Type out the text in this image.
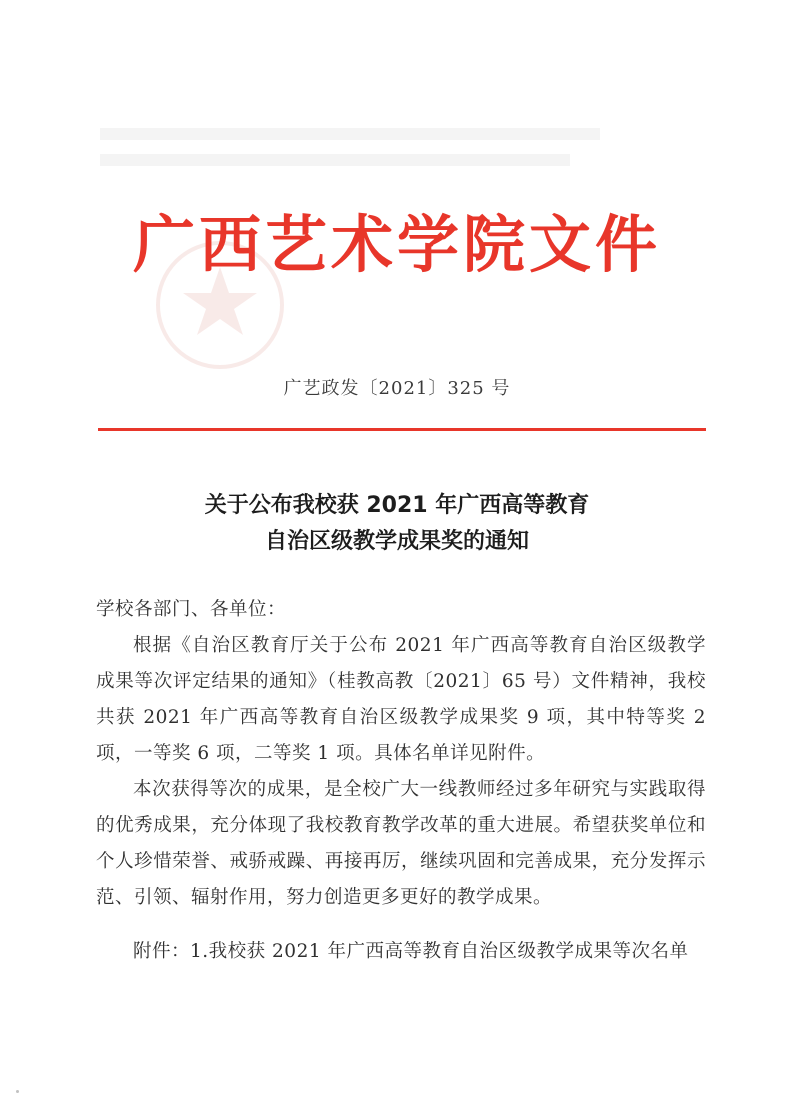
广西艺术学院文件
广艺政发〔2021〕325 号
关于公布我校获 2021 年广西高等教育
自治区级教学成果奖的通知

学校各部门、各单位：

根据《自治区教育厅关于公布 2021 年广西高等教育自治区级教学成果等次评定结果的通知》（桂教高教〔2021〕65 号）文件精神，我校共获 2021 年广西高等教育自治区级教学成果奖 9 项，其中特等奖 2 项，一等奖 6 项，二等奖 1 项。具体名单详见附件。

本次获得等次的成果，是全校广大一线教师经过多年研究与实践取得的优秀成果，充分体现了我校教育教学改革的重大进展。希望获奖单位和个人珍惜荣誉、戒骄戒躁、再接再厉，继续巩固和完善成果，充分发挥示范、引领、辐射作用，努力创造更多更好的教学成果。

附件：1.我校获 2021 年广西高等教育自治区级教学成果等次名单
